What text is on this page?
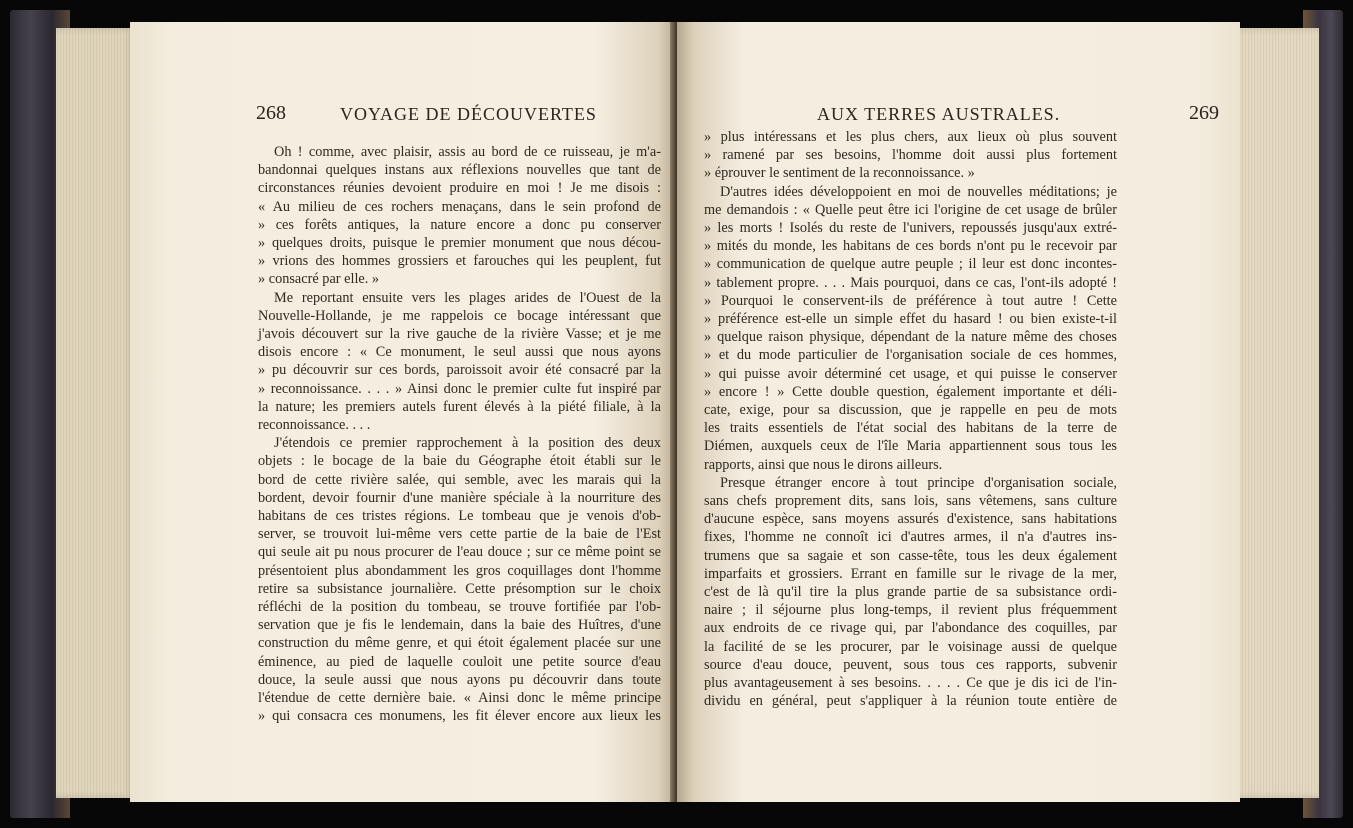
268	VOYAGE DE DÉCOUVERTES
Oh ! comme, avec plaisir, assis au bord de ce ruisseau, je m'a-
bandonnai quelques instans aux réflexions nouvelles que tant de
circonstances réunies devoient produire en moi ! Je me disois :
« Au milieu de ces rochers menaçans, dans le sein profond de
» ces forêts antiques, la nature encore a donc pu conserver
» quelques droits, puisque le premier monument que nous décou-
» vrions des hommes grossiers et farouches qui les peuplent, fut
» consacré par elle. »
Me reportant ensuite vers les plages arides de l'Ouest de la
Nouvelle-Hollande, je me rappelois ce bocage intéressant que
j'avois découvert sur la rive gauche de la rivière Vasse; et je me
disois encore : « Ce monument, le seul aussi que nous ayons
» pu découvrir sur ces bords, paroissoit avoir été consacré par la
» reconnoissance. . . . » Ainsi donc le premier culte fut inspiré par
la nature; les premiers autels furent élevés à la piété filiale, à la
reconnoissance. . . .
J'étendois ce premier rapprochement à la position des deux
objets : le bocage de la baie du Géographe étoit établi sur le
bord de cette rivière salée, qui semble, avec les marais qui la
bordent, devoir fournir d'une manière spéciale à la nourriture des
habitans de ces tristes régions. Le tombeau que je venois d'ob-
server, se trouvoit lui-même vers cette partie de la baie de l'Est
qui seule ait pu nous procurer de l'eau douce ; sur ce même point se
présentoient plus abondamment les gros coquillages dont l'homme
retire sa subsistance journalière. Cette présomption sur le choix
réfléchi de la position du tombeau, se trouve fortifiée par l'ob-
servation que je fis le lendemain, dans la baie des Huîtres, d'une
construction du même genre, et qui étoit également placée sur une
éminence, au pied de laquelle couloit une petite source d'eau
douce, la seule aussi que nous ayons pu découvrir dans toute
l'étendue de cette dernière baie. « Ainsi donc le même principe
» qui consacra ces monumens, les fit élever encore aux lieux les
AUX TERRES AUSTRALES.	269
» plus intéressans et les plus chers, aux lieux où plus souvent
» ramené par ses besoins, l'homme doit aussi plus fortement
» éprouver le sentiment de la reconnoissance. »
D'autres idées développoient en moi de nouvelles méditations; je
me demandois : « Quelle peut être ici l'origine de cet usage de brûler
» les morts ! Isolés du reste de l'univers, repoussés jusqu'aux extré-
» mités du monde, les habitans de ces bords n'ont pu le recevoir par
» communication de quelque autre peuple ; il leur est donc incontes-
» tablement propre. . . . Mais pourquoi, dans ce cas, l'ont-ils adopté !
» Pourquoi le conservent-ils de préférence à tout autre ! Cette
» préférence est-elle un simple effet du hasard ! ou bien existe-t-il
» quelque raison physique, dépendant de la nature même des choses
» et du mode particulier de l'organisation sociale de ces hommes,
» qui puisse avoir déterminé cet usage, et qui puisse le conserver
» encore ! » Cette double question, également importante et déli-
cate, exige, pour sa discussion, que je rappelle en peu de mots
les traits essentiels de l'état social des habitans de la terre de
Diémen, auxquels ceux de l'île Maria appartiennent sous tous les
rapports, ainsi que nous le dirons ailleurs.
Presque étranger encore à tout principe d'organisation sociale,
sans chefs proprement dits, sans lois, sans vêtemens, sans culture
d'aucune espèce, sans moyens assurés d'existence, sans habitations
fixes, l'homme ne connoît ici d'autres armes, il n'a d'autres ins-
trumens que sa sagaie et son casse-tête, tous les deux également
imparfaits et grossiers. Errant en famille sur le rivage de la mer,
c'est de là qu'il tire la plus grande partie de sa subsistance ordi-
naire ; il séjourne plus long-temps, il revient plus fréquemment
aux endroits de ce rivage qui, par l'abondance des coquilles, par
la facilité de se les procurer, par le voisinage aussi de quelque
source d'eau douce, peuvent, sous tous ces rapports, subvenir
plus avantageusement à ses besoins. . . . . Ce que je dis ici de l'in-
dividu en général, peut s'appliquer à la réunion toute entière de
